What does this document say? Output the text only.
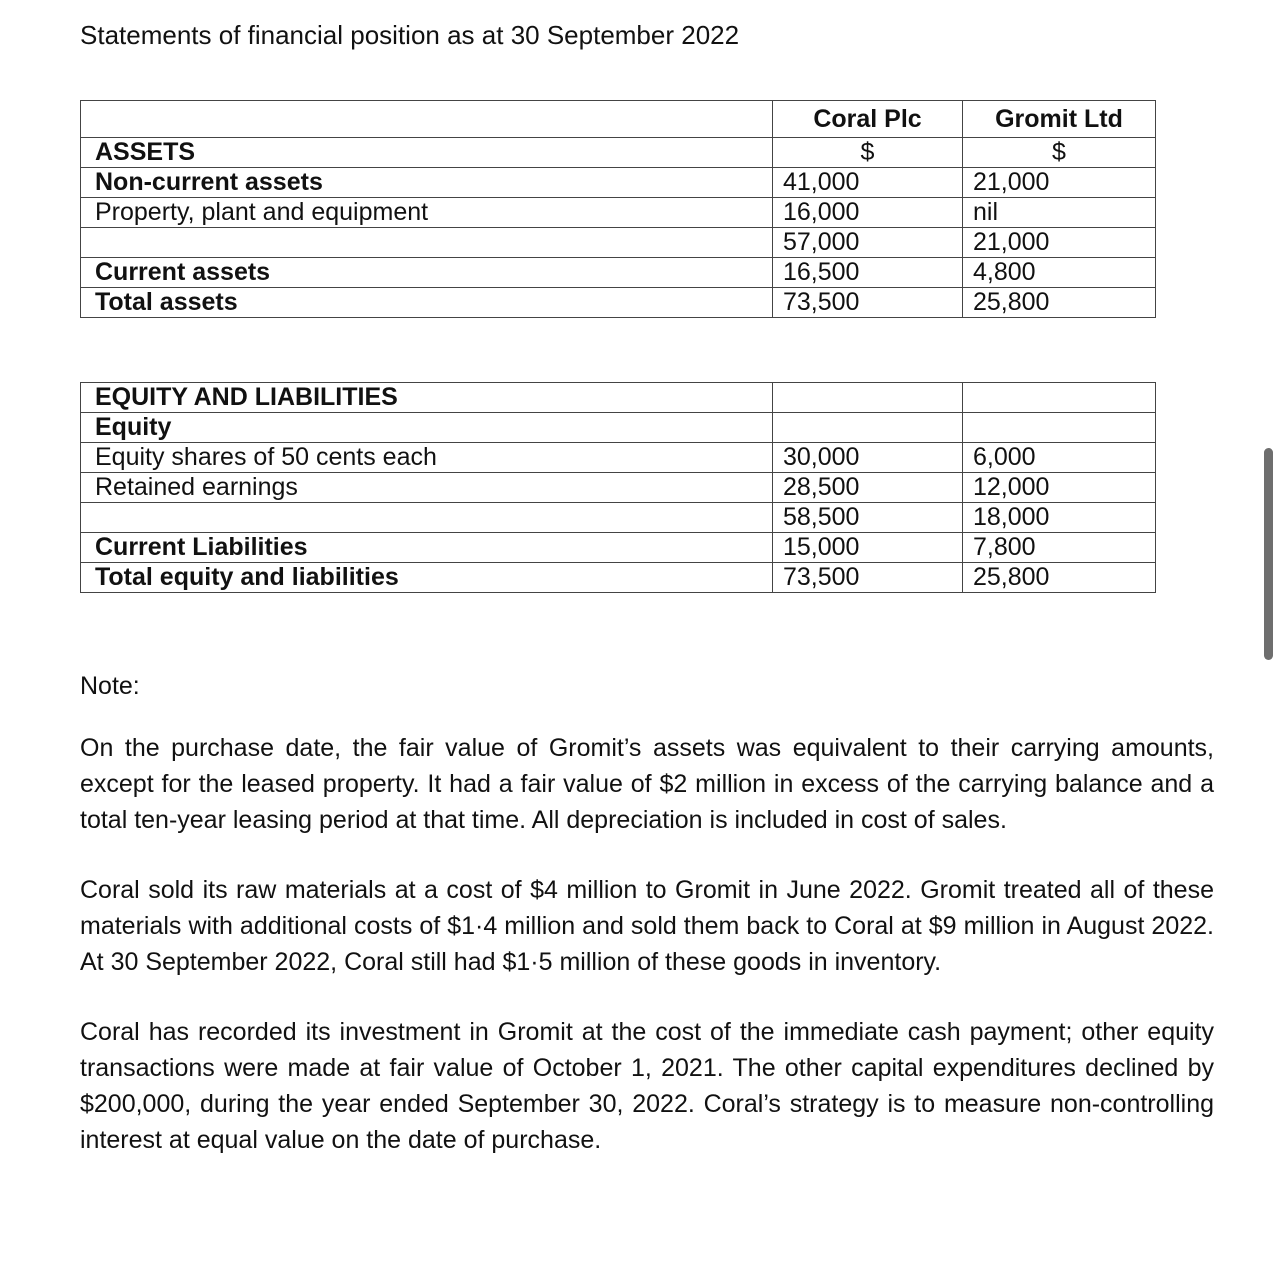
Statements of financial position as at 30 September 2022
	Coral Plc	Gromit Ltd
ASSETS	$	$
Non-current assets	41,000	21,000
Property, plant and equipment	16,000	nil
	57,000	21,000
Current assets	16,500	4,800
Total assets	73,500	25,800
EQUITY AND LIABILITIES		
Equity		
Equity shares of 50 cents each	30,000	6,000
Retained earnings	28,500	12,000
	58,500	18,000
Current Liabilities	15,000	7,800
Total equity and liabilities	73,500	25,800
Note:

On the purchase date, the fair value of Gromit’s assets was equivalent to their carrying amounts, except for the leased property. It had a fair value of $2 million in excess of the carrying balance and a total ten-year leasing period at that time. All depreciation is included in cost of sales.

Coral sold its raw materials at a cost of $4 million to Gromit in June 2022. Gromit treated all of these materials with additional costs of $1·4 million and sold them back to Coral at $9 million in August 2022. At 30 September 2022, Coral still had $1·5 million of these goods in inventory.

Coral has recorded its investment in Gromit at the cost of the immediate cash payment; other equity transactions were made at fair value of October 1, 2021. The other capital expenditures declined by $200,000, during the year ended September 30, 2022. Coral’s strategy is to measure non-controlling interest at equal value on the date of purchase.
